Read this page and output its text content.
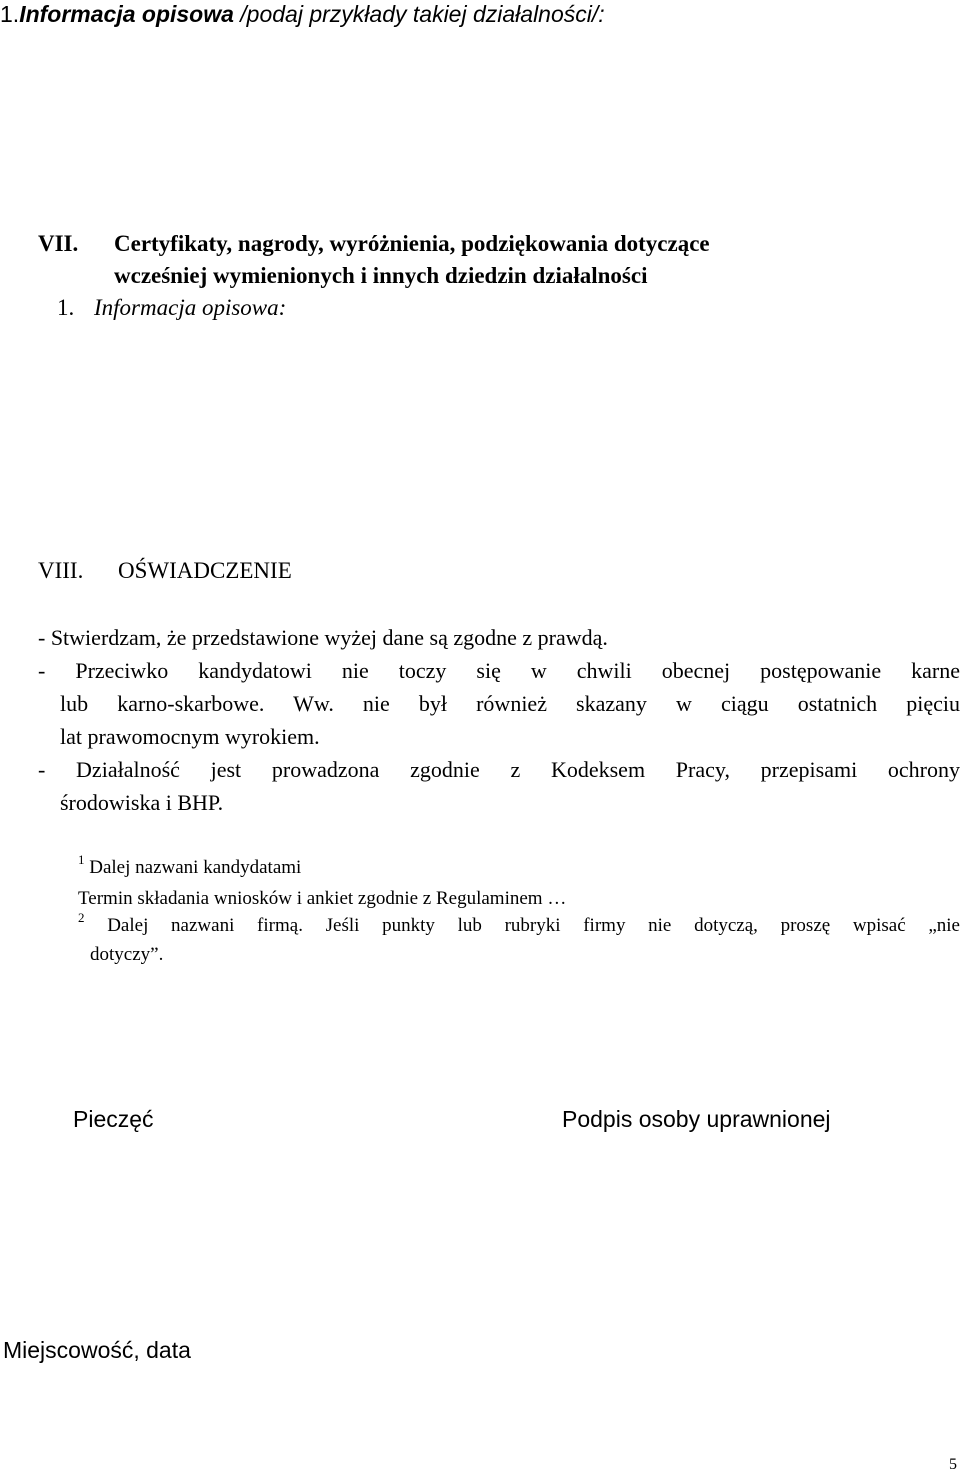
1.Informacja opisowa /podaj przykłady takiej działalności/:
VII. Certyfikaty, nagrody, wyróżnienia, podziękowania dotyczące
wcześniej wymienionych i innych dziedzin działalności
1. Informacja opisowa:
VIII. OŚWIADCZENIE
- Stwierdzam, że przedstawione wyżej dane są zgodne z prawdą.
- Przeciwko kandydatowi nie toczy się w chwili obecnej postępowanie karne
lub karno-skarbowe. Ww. nie był również skazany w ciągu ostatnich pięciu
lat prawomocnym wyrokiem.
- Działalność jest prowadzona zgodnie z Kodeksem Pracy, przepisami ochrony
środowiska i BHP.
$^1$ Dalej nazwani kandydatami
Termin składania wniosków i ankiet zgodnie z Regulaminem …
$^2$ Dalej nazwani firmą. Jeśli punkty lub rubryki firmy nie dotyczą, proszę wpisać „nie
dotyczy”.
Pieczęć	Podpis osoby uprawnionej
Miejscowość, data
5
